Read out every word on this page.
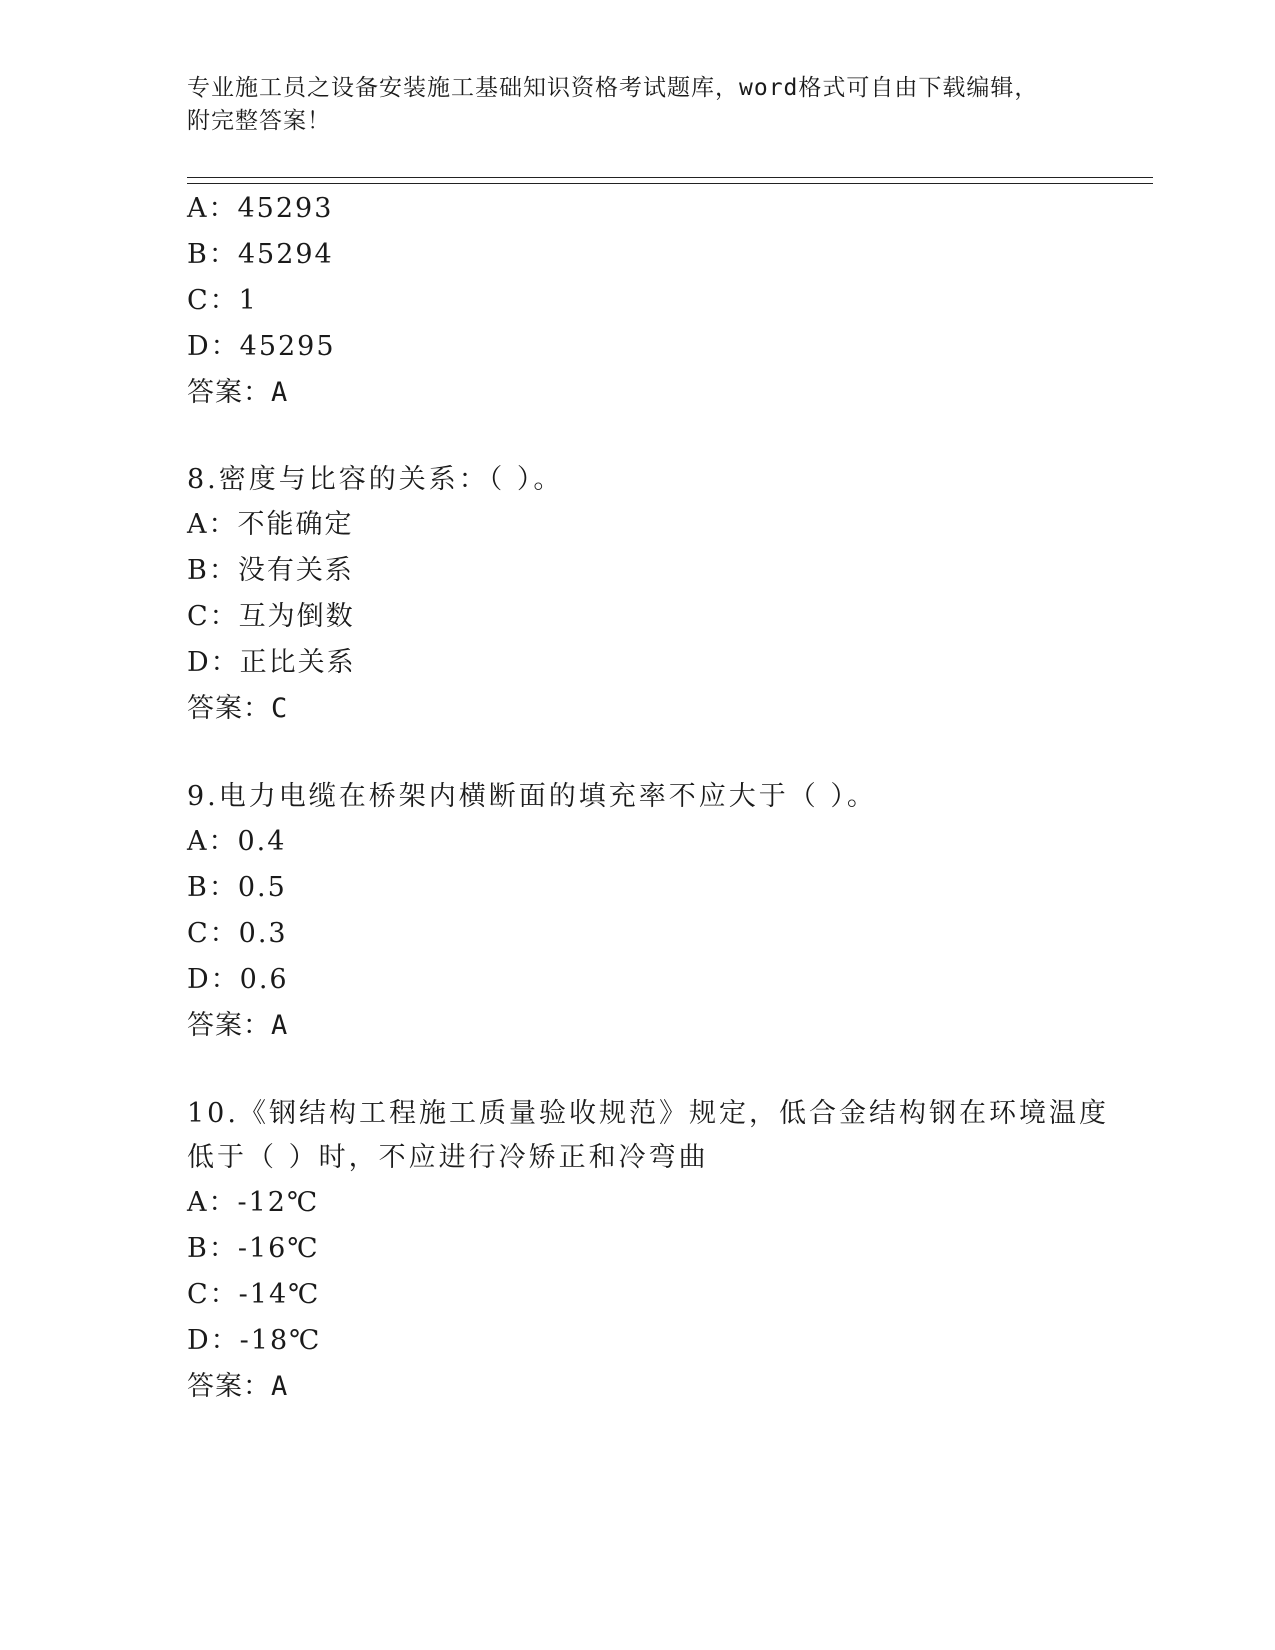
专业施工员之设备安装施工基础知识资格考试题库，word格式可自由下载编辑，
附完整答案！
A：45293
B：45294
C：1
D：45295
答案：A
8.密度与比容的关系：（ ）。
A：不能确定
B：没有关系
C：互为倒数
D：正比关系
答案：C
9.电力电缆在桥架内横断面的填充率不应大于（ ）。
A：0.4
B：0.5
C：0.3
D：0.6
答案：A
10.《钢结构工程施工质量验收规范》规定，低合金结构钢在环境温度
低于（ ）时，不应进行冷矫正和冷弯曲
A：-12℃
B：-16℃
C：-14℃
D：-18℃
答案：A
